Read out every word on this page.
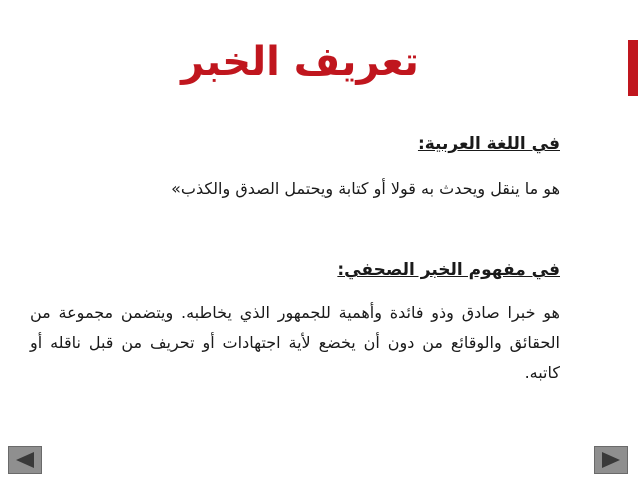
تعريف الخبر
في اللغة العربية:

هو ما ينقل ويحدث به قولا أو كتابة ويحتمل الصدق والكذب»

في مفهوم الخبر الصحفي:

هو خبرا صادق وذو فائدة وأهمية للجمهور الذي يخاطبه. ويتضمن مجموعة من الحقائق والوقائع من دون أن يخضع لأية اجتهادات أو تحريف من قبل ناقله أو كاتبه.
